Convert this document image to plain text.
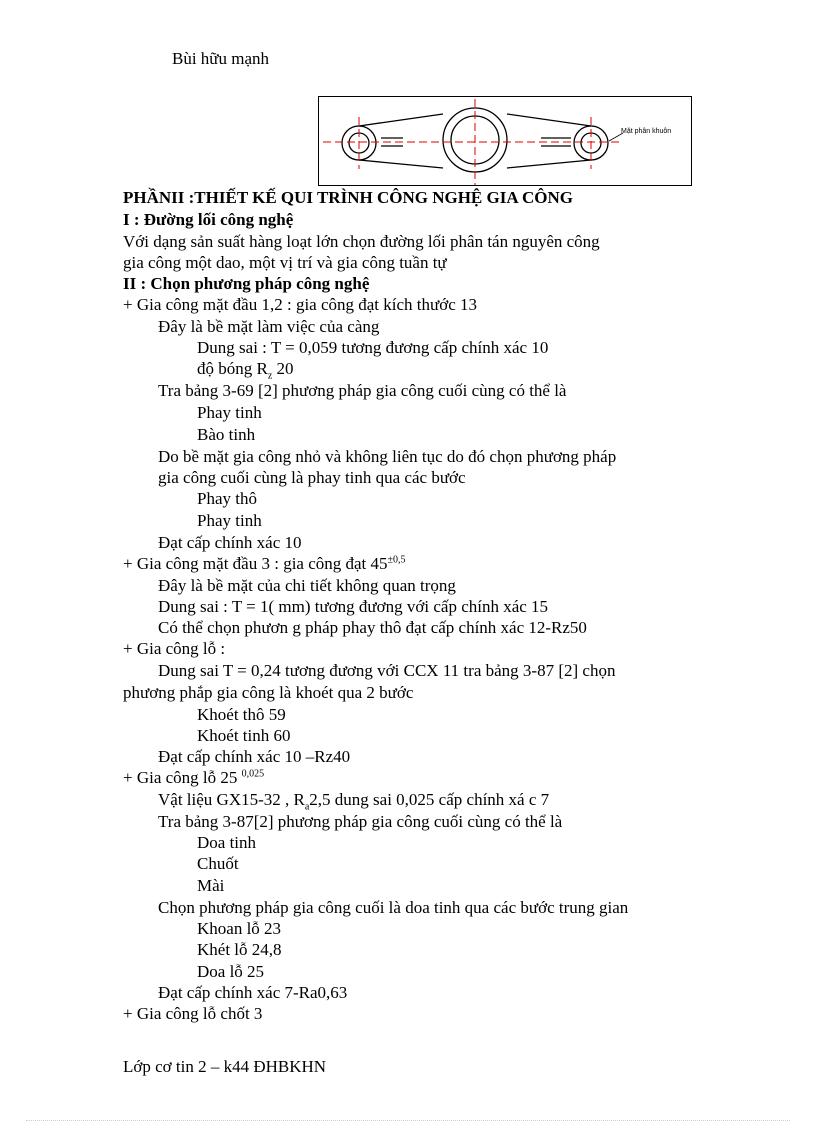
Bùi hữu mạnh
Mặt phân khuôn
PHẦNII :THIẾT KẾ QUI TRÌNH CÔNG NGHỆ GIA CÔNG
I : Đường lối công nghệ
Với dạng sản suất hàng loạt lớn chọn đường lối phân tán nguyên công
gia công một dao, một vị trí và gia công tuần tự
II : Chọn phương pháp công nghệ
+ Gia công mặt đầu 1,2 : gia công đạt kích thước 13
Đây là bề mặt làm việc của càng
Dung sai : T = 0,059 tương đương cấp chính xác 10
độ bóng $R_z$ 20
Tra bảng 3-69 [2] phương pháp gia công cuối cùng có thể là
Phay tinh
Bào tinh
Do bề mặt gia công nhỏ và không liên tục do đó chọn phương pháp
gia công cuối cùng là phay tinh qua các bước
Phay thô
Phay tinh
Đạt cấp chính xác 10
+ Gia công mặt đầu 3 : gia công đạt $45^{\pm 0,5}$
Đây là bề mặt của chi tiết không quan trọng
Dung sai : T = 1( mm) tương đương với cấp chính xác 15
Có thể chọn phươn g pháp phay thô đạt cấp chính xác 12-Rz50
+ Gia công lỗ :
Dung sai T = 0,24 tương đương với CCX 11 tra bảng 3-87 [2] chọn
phương phắp gia công là khoét qua 2 bước
Khoét thô 59
Khoét tinh 60
Đạt cấp chính xác 10 –Rz40
+ Gia công lỗ 25 $^{0,025}$
Vật liệu GX15-32 , $R_a2,5$ dung sai 0,025 cấp chính xá c 7
Tra bảng 3-87[2] phương pháp gia công cuối cùng có thể là
Doa tinh
Chuốt
Mài
Chọn phương pháp gia công cuối là doa tinh qua các bước trung gian
Khoan lỗ 23
Khét lỗ 24,8
Doa lỗ 25
Đạt cấp chính xác 7-Ra0,63
+ Gia công lỗ chốt 3
Lớp cơ tin 2 – k44 ĐHBKHN
